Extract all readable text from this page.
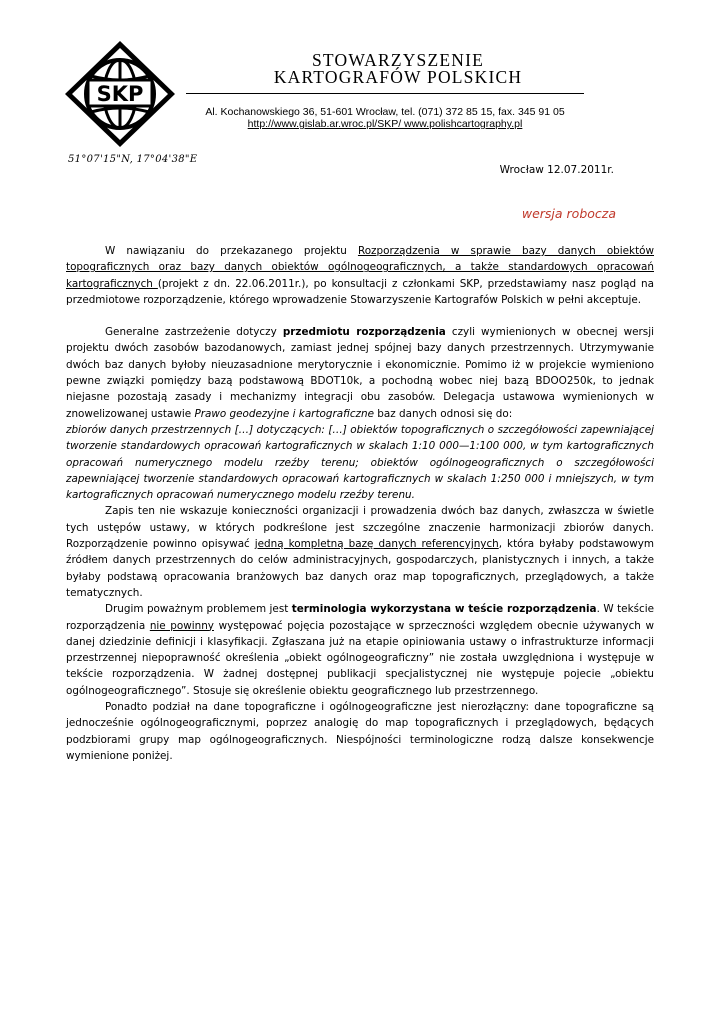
SKP
51°07'15"N, 17°04'38"E
STOWARZYSZENIE
KARTOGRAFÓW POLSKICH
Al. Kochanowskiego 36, 51-601 Wrocław, tel. (071) 372 85 15, fax. 345 91 05
http://www.gislab.ar.wroc.pl/SKP/ www.polishcartography.pl
Wrocław 12.07.2011r.
wersja robocza

W nawiązaniu do przekazanego projektu Rozporządzenia w sprawie bazy danych obiektów topograficznych oraz bazy danych obiektów ogólnogeograficznych, a także standardowych opracowań kartograficznych (projekt z dn. 22.06.2011r.), po konsultacji z członkami SKP, przedstawiamy nasz pogląd na przedmiotowe rozporządzenie, którego wprowadzenie Stowarzyszenie Kartografów Polskich w pełni akceptuje.

Generalne zastrzeżenie dotyczy przedmiotu rozporządzenia czyli wymienionych w obecnej wersji projektu dwóch zasobów bazodanowych, zamiast jednej spójnej bazy danych przestrzennych. Utrzymywanie dwóch baz danych byłoby nieuzasadnione merytorycznie i ekonomicznie. Pomimo iż w projekcie wymieniono pewne związki pomiędzy bazą podstawową BDOT10k, a pochodną wobec niej bazą BDOO250k, to jednak niejasne pozostają zasady i mechanizmy integracji obu zasobów. Delegacja ustawowa wymienionych w znowelizowanej ustawie Prawo geodezyjne i kartograficzne baz danych odnosi się do:

zbiorów danych przestrzennych […] dotyczących: […] obiektów topograficznych o szczegółowości zapewniającej tworzenie standardowych opracowań kartograficznych w skalach 1:10 000—1:100 000, w tym kartograficznych opracowań numerycznego modelu rzeźby terenu; obiektów ogólnogeograficznych o szczegółowości zapewniającej tworzenie standardowych opracowań kartograficznych w skalach 1:250 000 i mniejszych, w tym kartograficznych opracowań numerycznego modelu rzeźby terenu.

Zapis ten nie wskazuje konieczności organizacji i prowadzenia dwóch baz danych, zwłaszcza w świetle tych ustępów ustawy, w których podkreślone jest szczególne znaczenie harmonizacji zbiorów danych. Rozporządzenie powinno opisywać jedną kompletną bazę danych referencyjnych, która byłaby podstawowym źródłem danych przestrzennych do celów administracyjnych, gospodarczych, planistycznych i innych, a także byłaby podstawą opracowania branżowych baz danych oraz map topograficznych, przeglądowych, a także tematycznych.

Drugim poważnym problemem jest terminologia wykorzystana w teście rozporządzenia. W tekście rozporządzenia nie powinny występować pojęcia pozostające w sprzeczności względem obecnie używanych w danej dziedzinie definicji i klasyfikacji. Zgłaszana już na etapie opiniowania ustawy o infrastrukturze informacji przestrzennej niepoprawność określenia „obiekt ogólnogeograficzny” nie została uwzględniona i występuje w tekście rozporządzenia. W żadnej dostępnej publikacji specjalistycznej nie występuje pojecie „obiektu ogólnogeograficznego”. Stosuje się określenie obiektu geograficznego lub przestrzennego.

Ponadto podział na dane topograficzne i ogólnogeograficzne jest nierozłączny: dane topograficzne są jednocześnie ogólnogeograficznymi, poprzez analogię do map topograficznych i przeglądowych, będących podzbiorami grupy map ogólnogeograficznych. Niespójności terminologiczne rodzą dalsze konsekwencje wymienione poniżej.
